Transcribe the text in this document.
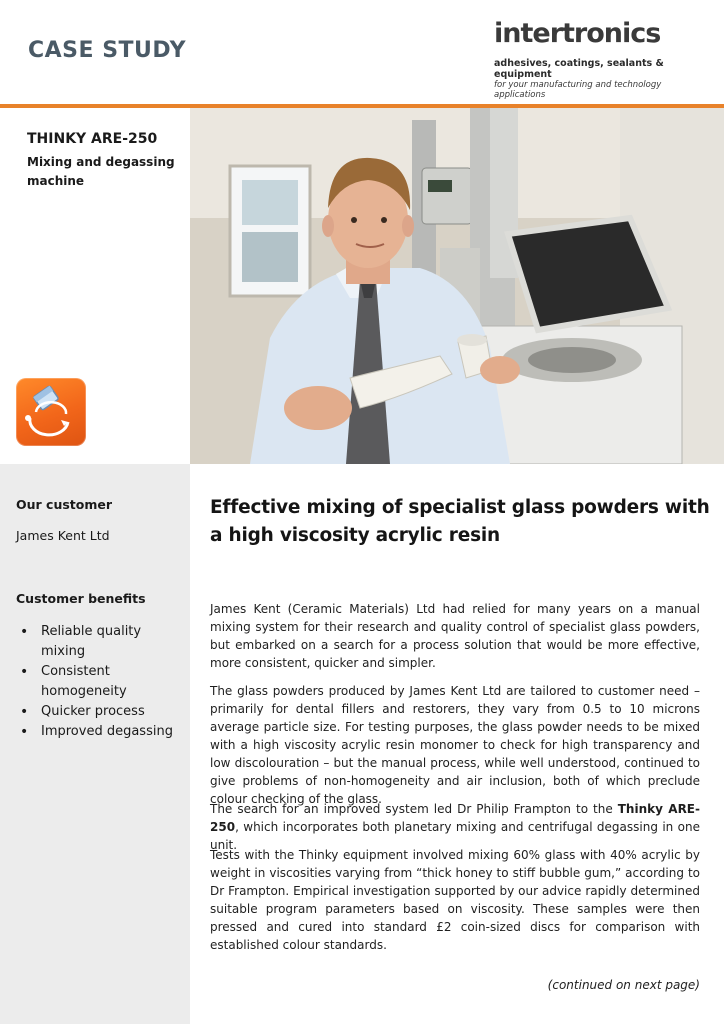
CASE STUDY
intertronics
adhesives, coatings, sealants & equipment
for your manufacturing and technology applications
THINKY ARE-250
Mixing and degassing machine
Our customer
James Kent Ltd
Customer benefits
• Reliable quality mixing
• Consistent homogeneity
• Quicker process
• Improved degassing
Effective mixing of specialist glass powders with a high viscosity acrylic resin

James Kent (Ceramic Materials) Ltd had relied for many years on a manual mixing system for their research and quality control of specialist glass powders, but embarked on a search for a process solution that would be more effective, more consistent, quicker and simpler.

The glass powders produced by James Kent Ltd are tailored to customer need – primarily for dental fillers and restorers, they vary from 0.5 to 10 microns average particle size. For testing purposes, the glass powder needs to be mixed with a high viscosity acrylic resin monomer to check for high transparency and low discolouration – but the manual process, while well understood, continued to give problems of non-homogeneity and air inclusion, both of which preclude colour checking of the glass.

The search for an improved system led Dr Philip Frampton to the Thinky ARE-250, which incorporates both planetary mixing and centrifugal degassing in one unit.

Tests with the Thinky equipment involved mixing 60% glass with 40% acrylic by weight in viscosities varying from “thick honey to stiff bubble gum,” according to Dr Frampton. Empirical investigation supported by our advice rapidly determined suitable program parameters based on viscosity. These samples were then pressed and cured into standard £2 coin-sized discs for comparison with established colour standards.

(continued on next page)
